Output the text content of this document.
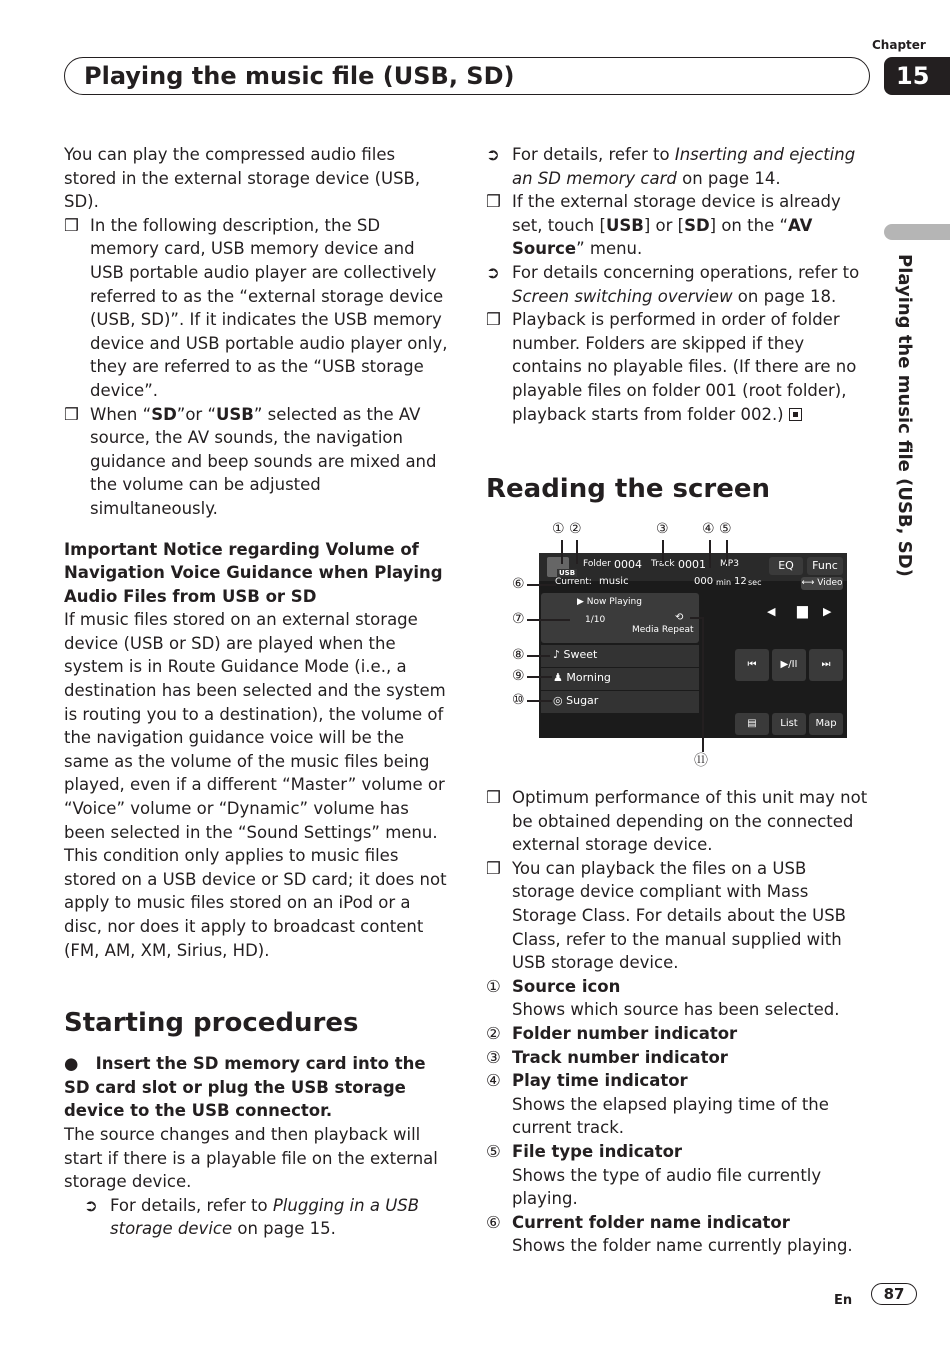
Playing the music file (USB, SD)
Chapter
15
Playing the music file (USB, SD)

You can play the compressed audio files stored in the external storage device (USB, SD).

❒ In the following description, the SD memory card, USB memory device and USB portable audio player are collectively referred to as the “external storage device (USB, SD)”. If it indicates the USB memory device and USB portable audio player only, they are referred to as the “USB storage device”.
❒ When “SD”or “USB” selected as the AV source, the AV sounds, the navigation guidance and beep sounds are mixed and the volume can be adjusted simultaneously.

Important Notice regarding Volume of Navigation Voice Guidance when Playing Audio Files from USB or SD

If music files stored on an external storage device (USB or SD) are played when the system is in Route Guidance Mode (i.e., a destination has been selected and the system is routing you to a destination), the volume of the navigation guidance voice will be the same as the volume of the music files being played, even if a different “Master” volume or “Voice” volume or “Dynamic” volume has been selected in the “Sound Settings” menu. This condition only applies to music files stored on a USB device or SD card; it does not apply to music files stored on an iPod or a disc, nor does it apply to broadcast content (FM, AM, XM, Sirius, HD).

Starting procedures

● Insert the SD memory card into the SD card slot or plug the USB storage device to the USB connector.

The source changes and then playback will start if there is a playable file on the external storage device.

➲ For details, refer to Plugging in a USB storage device on page 15.
➲ For details, refer to Inserting and ejecting an SD memory card on page 14.
❒ If the external storage device is already set, touch [USB] or [SD] on the “AV Source” menu.
➲ For details concerning operations, refer to Screen switching overview on page 18.
❒ Playback is performed in order of folder number. Folders are skipped if they contains no playable files. (If there are no playable files on folder 001 (root folder), playback starts from folder 002.)
Reading the screen
USB
Folder 0004 Track 0001 MP3	EQ	Func
Current: music	000 min 12 sec	⟷ Video
▶ Now Playing
1/10	⟲
Media Repeat
♪ Sweet
♟ Morning
◎ Sugar
◀ ▆ ▶
⏮	▶/II	⏭
▤	List	Map
① ②	③ ④ ⑤
⑥
⑦
⑧
⑨
⑩
⑪
❒ Optimum performance of this unit may not be obtained depending on the connected external storage device.
❒ You can playback the files on a USB storage device compliant with Mass Storage Class. For details about the USB Class, refer to the manual supplied with USB storage device.
① Source icon
Shows which source has been selected.
② Folder number indicator
③ Track number indicator
④ Play time indicator
Shows the elapsed playing time of the current track.
⑤ File type indicator
Shows the type of audio file currently playing.
⑥ Current folder name indicator
Shows the folder name currently playing.
En	87
